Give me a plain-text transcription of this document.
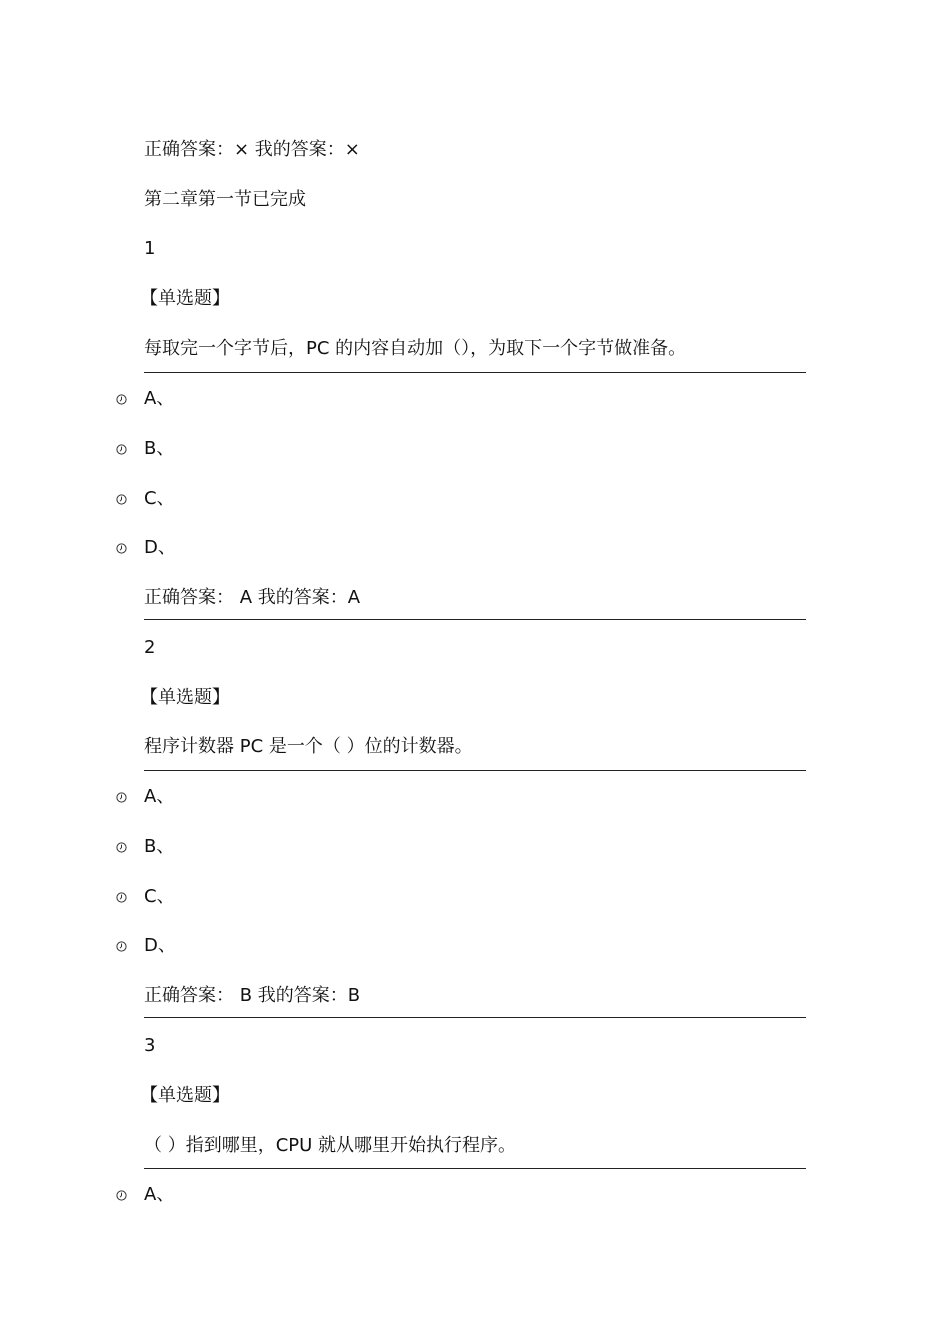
正确答案：× 我的答案：×
第二章第一节已完成
1
【单选题】
每取完一个字节后，PC 的内容自动加（），为取下一个字节做准备。
A、
B、
C、
D、
正确答案： A 我的答案：A
2
【单选题】
程序计数器 PC 是一个（ ）位的计数器。
A、
B、
C、
D、
正确答案： B 我的答案：B
3
【单选题】
（ ）指到哪里，CPU 就从哪里开始执行程序。
A、
